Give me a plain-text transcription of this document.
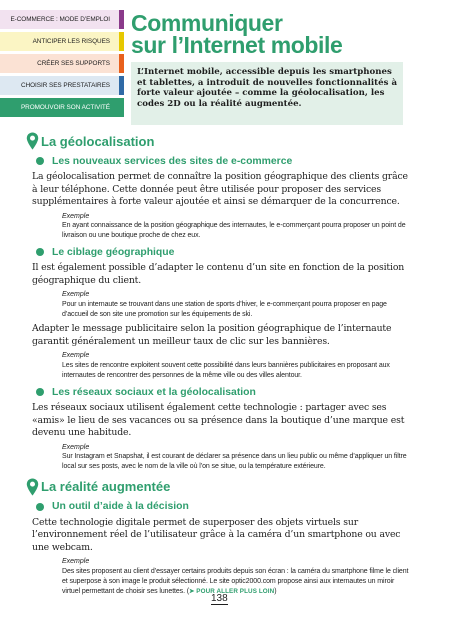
E-COMMERCE : MODE D’EMPLOI
ANTICIPER LES RISQUES
CRÉER SES SUPPORTS
CHOISIR SES PRESTATAIRES
PROMOUVOIR SON ACTIVITÉ
Communiquer
sur l’Internet mobile
L’Internet mobile, accessible depuis les smartphones et tablettes, a introduit de nouvelles fonctionnalités à forte valeur ajoutée – comme la géolocalisation, les codes 2D ou la réalité augmentée.
La géolocalisation
Les nouveaux services des sites de e-commerce
La géolocalisation permet de connaître la position géographique des clients grâce à leur téléphone. Cette donnée peut être utilisée pour proposer des services supplémentaires à forte valeur ajoutée et ainsi se démarquer de la concurrence.
Exemple
En ayant connaissance de la position géographique des internautes, le e-commerçant pourra proposer un point de livraison ou une boutique proche de chez eux.
Le ciblage géographique
Il est également possible d’adapter le contenu d’un site en fonction de la position géographique du client.
Exemple
Pour un internaute se trouvant dans une station de sports d’hiver, le e-commerçant pourra proposer en page d’accueil de son site une promotion sur les équipements de ski.
Adapter le message publicitaire selon la position géographique de l’internaute garantit généralement un meilleur taux de clic sur les bannières.
Exemple
Les sites de rencontre exploitent souvent cette possibilité dans leurs bannières publicitaires en proposant aux internautes de rencontrer des personnes de la même ville ou des villes alentour.
Les réseaux sociaux et la géolocalisation
Les réseaux sociaux utilisent également cette technologie : partager avec ses «amis» le lieu de ses vacances ou sa présence dans la boutique d’une marque est devenu une habitude.
Exemple
Sur Instagram et Snapshat, il est courant de déclarer sa présence dans un lieu public ou même d’appliquer un filtre local sur ses posts, avec le nom de la ville où l’on se situe, ou la température extérieure.
La réalité augmentée
Un outil d’aide à la décision
Cette technologie digitale permet de superposer des objets virtuels sur l’environnement réel de l’utilisateur grâce à la caméra d’un smartphone ou avec une webcam.
Exemple
Des sites proposent au client d’essayer certains produits depuis son écran : la caméra du smartphone filme le client et superpose à son image le produit sélectionné. Le site optic2000.com propose ainsi aux internautes un miroir virtuel permettant de choisir ses lunettes. (➤ POUR ALLER PLUS LOIN)
138
